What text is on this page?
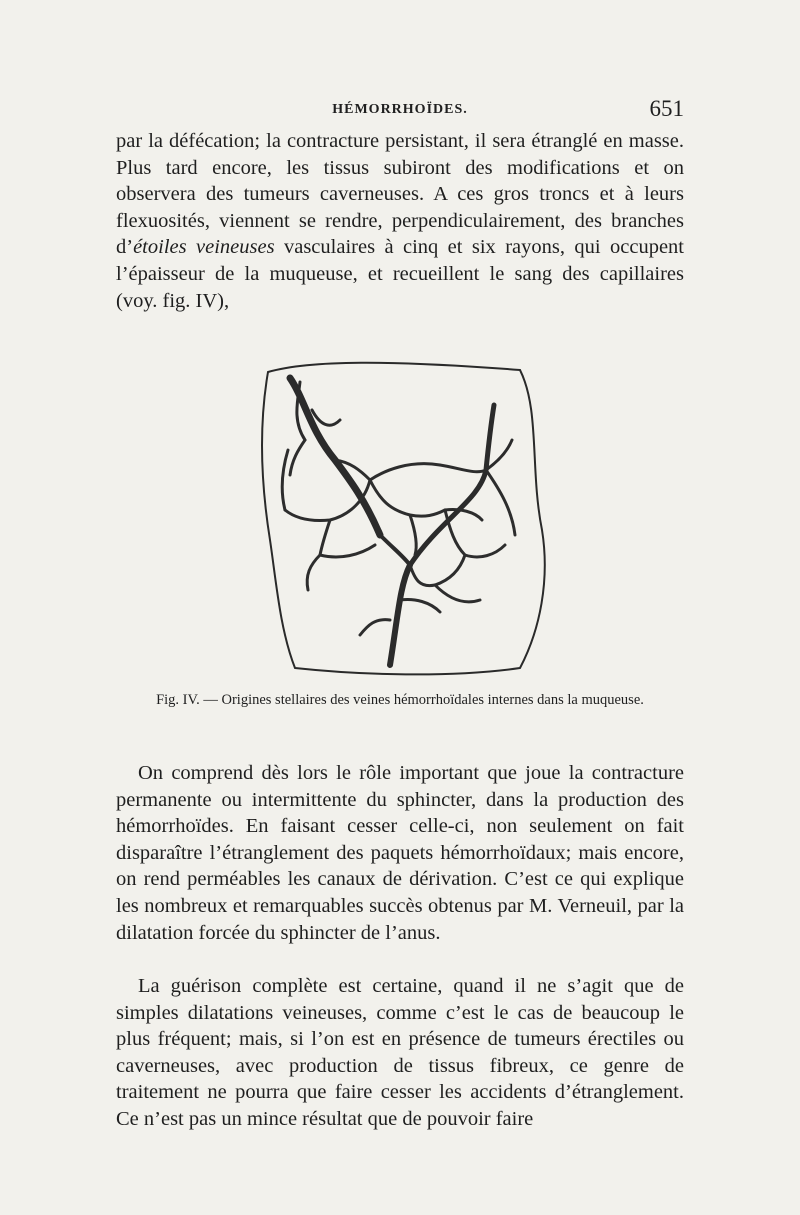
HÉMORRHOÏDES.	651
par la défécation; la contracture persistant, il sera étranglé en masse. Plus tard encore, les tissus subiront des modifications et on observera des tumeurs caverneuses. A ces gros troncs et à leurs flexuosités, viennent se rendre, perpendiculairement, des branches d’étoiles veineuses vasculaires à cinq et six rayons, qui occupent l’épaisseur de la muqueuse, et recueillent le sang des capillaires (voy. fig. IV),
Fig. IV. — Origines stellaires des veines hémorrhoïdales internes dans la muqueuse.
On comprend dès lors le rôle important que joue la contracture permanente ou intermittente du sphincter, dans la production des hémorrhoïdes. En faisant cesser celle-ci, non seulement on fait disparaître l’étranglement des paquets hémorrhoïdaux; mais encore, on rend perméables les canaux de dérivation. C’est ce qui explique les nombreux et remarquables succès obtenus par M. Verneuil, par la dilatation forcée du sphincter de l’anus.
La guérison complète est certaine, quand il ne s’agit que de simples dilatations veineuses, comme c’est le cas de beaucoup le plus fréquent; mais, si l’on est en présence de tumeurs érectiles ou caverneuses, avec production de tissus fibreux, ce genre de traitement ne pourra que faire cesser les accidents d’étranglement. Ce n’est pas un mince résultat que de pouvoir faire
